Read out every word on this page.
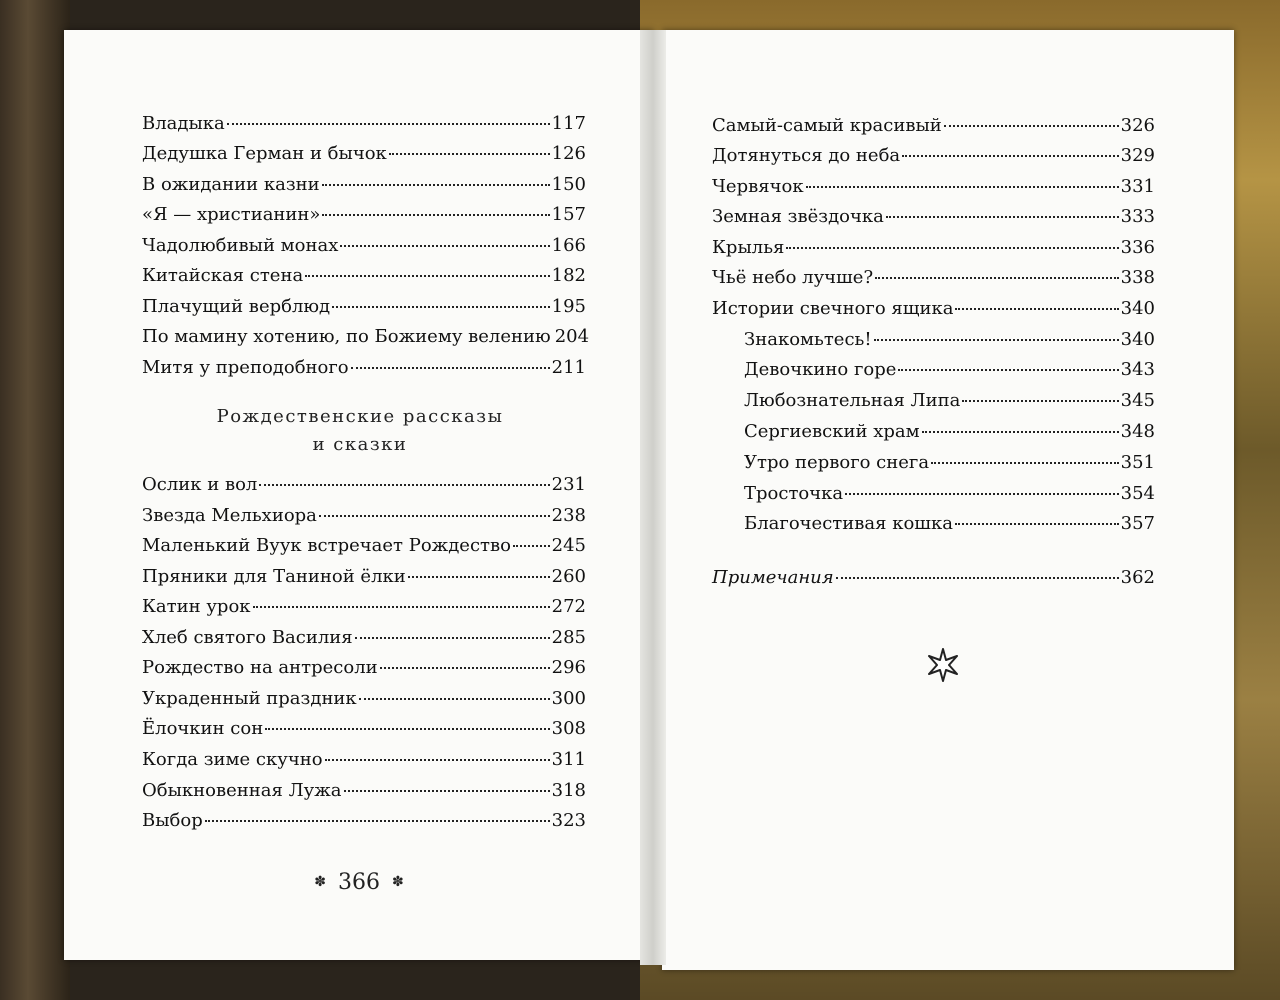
Владыка	117
Дедушка Герман и бычок	126
В ожидании казни	150
«Я — христианин»	157
Чадолюбивый монах	166
Китайская стена	182
Плачущий верблюд	195
По мамину хотению, по Божиему велению 204
Митя у преподобного	211
Рождественские рассказы
и сказки
Ослик и вол	231
Звезда Мельхиора	238
Маленький Вуук встречает Рождество 245
Пряники для Таниной ёлки	260
Катин урок	272
Хлеб святого Василия	285
Рождество на антресоли	296
Украденный праздник	300
Ёлочкин сон	308
Когда зиме скучно	311
Обыкновенная Лужа	318
Выбор	323
✽ 366 ✽
Самый-самый красивый	326
Дотянуться до неба	329
Червячок	331
Земная звёздочка	333
Крылья	336
Чьё небо лучше?	338
Истории свечного ящика	340
Знакомьтесь!	340
Девочкино горе	343
Любознательная Липа	345
Сергиевский храм	348
Утро первого снега	351
Тросточка	354
Благочестивая кошка	357
Примечания	362
